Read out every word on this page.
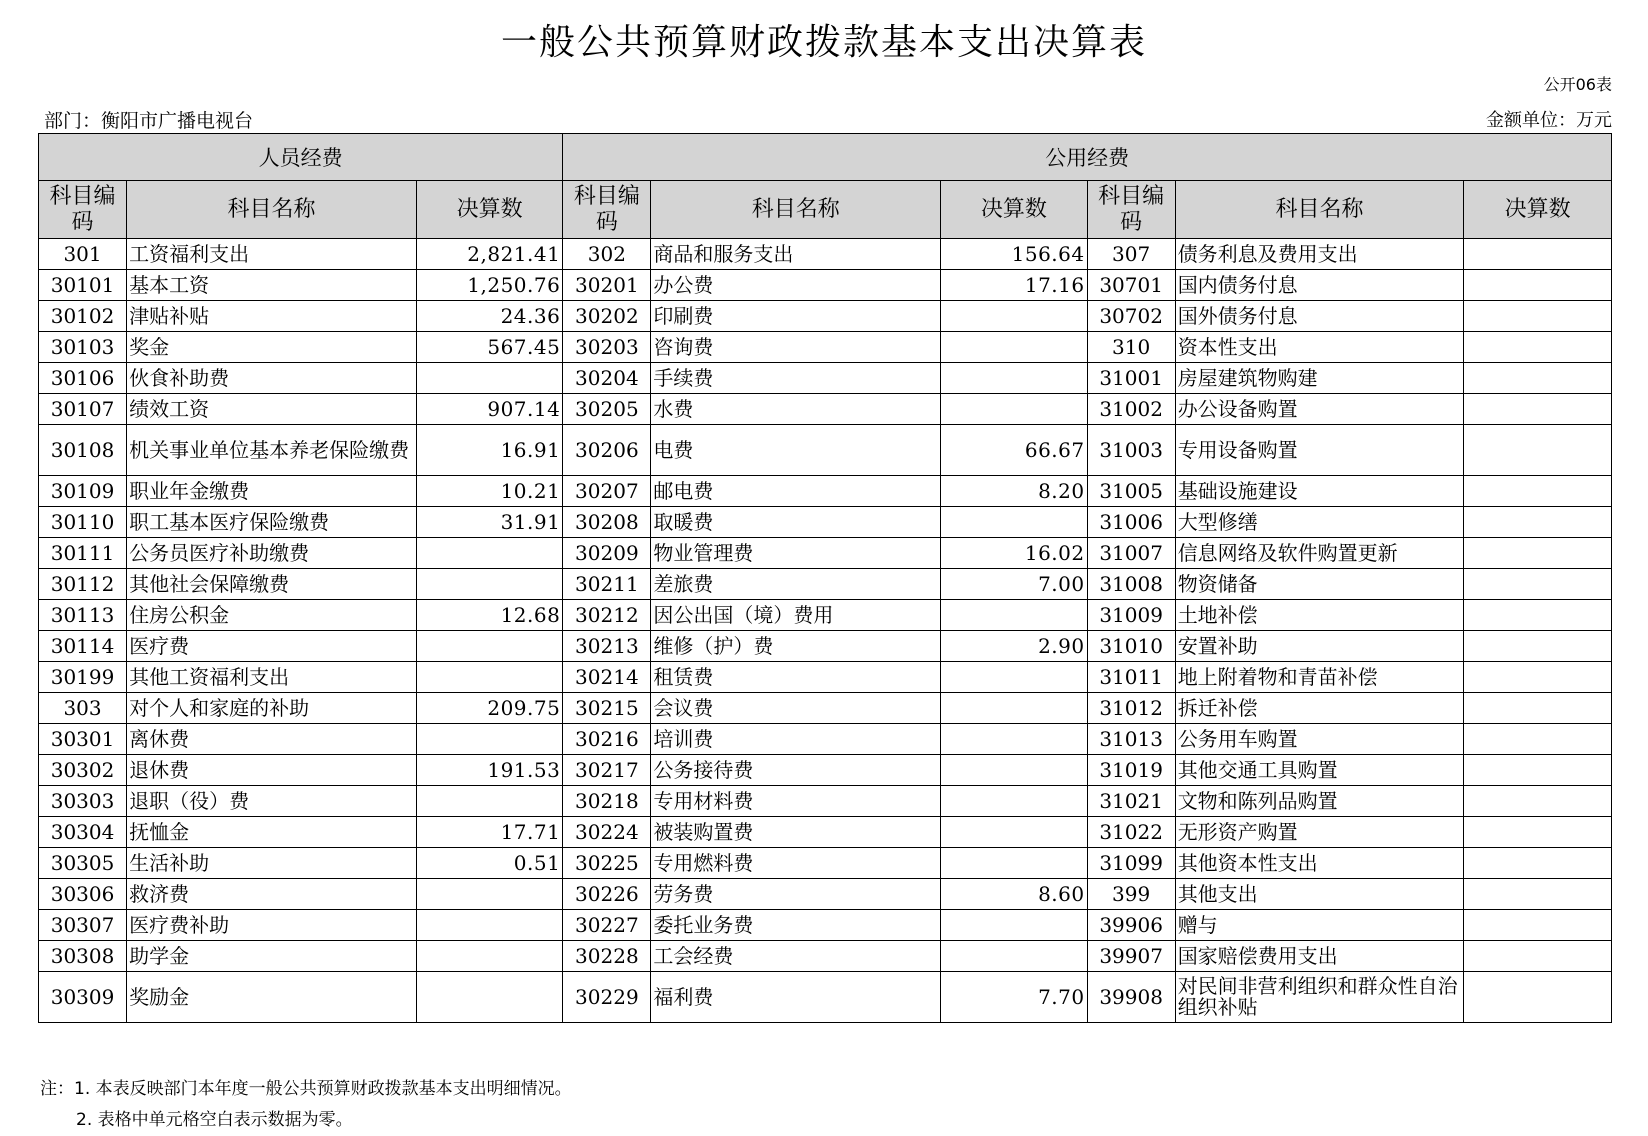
一般公共预算财政拨款基本支出决算表
公开06表
部门：衡阳市广播电视台	金额单位：万元
人员经费			公用经费					
科目编码	科目名称	决算数	科目编码	科目名称	决算数	科目编码	科目名称	决算数
301	工资福利支出	2,821.41	302	商品和服务支出	156.64	307	债务利息及费用支出	
30101	基本工资	1,250.76	30201	办公费	17.16	30701	国内债务付息	
30102	津贴补贴	24.36	30202	印刷费		30702	国外债务付息	
30103	奖金	567.45	30203	咨询费		310	资本性支出	
30106	伙食补助费		30204	手续费		31001	房屋建筑物购建	
30107	绩效工资	907.14	30205	水费		31002	办公设备购置	
30108	机关事业单位基本养老保险缴费	16.91	30206	电费	66.67	31003	专用设备购置	
30109	职业年金缴费	10.21	30207	邮电费	8.20	31005	基础设施建设	
30110	职工基本医疗保险缴费	31.91	30208	取暖费		31006	大型修缮	
30111	公务员医疗补助缴费		30209	物业管理费	16.02	31007	信息网络及软件购置更新	
30112	其他社会保障缴费		30211	差旅费	7.00	31008	物资储备	
30113	住房公积金	12.68	30212	因公出国（境）费用		31009	土地补偿	
30114	医疗费		30213	维修（护）费	2.90	31010	安置补助	
30199	其他工资福利支出		30214	租赁费		31011	地上附着物和青苗补偿	
303	对个人和家庭的补助	209.75	30215	会议费		31012	拆迁补偿	
30301	离休费		30216	培训费		31013	公务用车购置	
30302	退休费	191.53	30217	公务接待费		31019	其他交通工具购置	
30303	退职（役）费		30218	专用材料费		31021	文物和陈列品购置	
30304	抚恤金	17.71	30224	被装购置费		31022	无形资产购置	
30305	生活补助	0.51	30225	专用燃料费		31099	其他资本性支出	
30306	救济费		30226	劳务费	8.60	399	其他支出	
30307	医疗费补助		30227	委托业务费		39906	赠与	
30308	助学金		30228	工会经费		39907	国家赔偿费用支出	
30309	奖励金		30229	福利费	7.70	39908	对民间非营利组织和群众性自治组织补贴	
注：1. 本表反映部门本年度一般公共预算财政拨款基本支出明细情况。
2. 表格中单元格空白表示数据为零。
